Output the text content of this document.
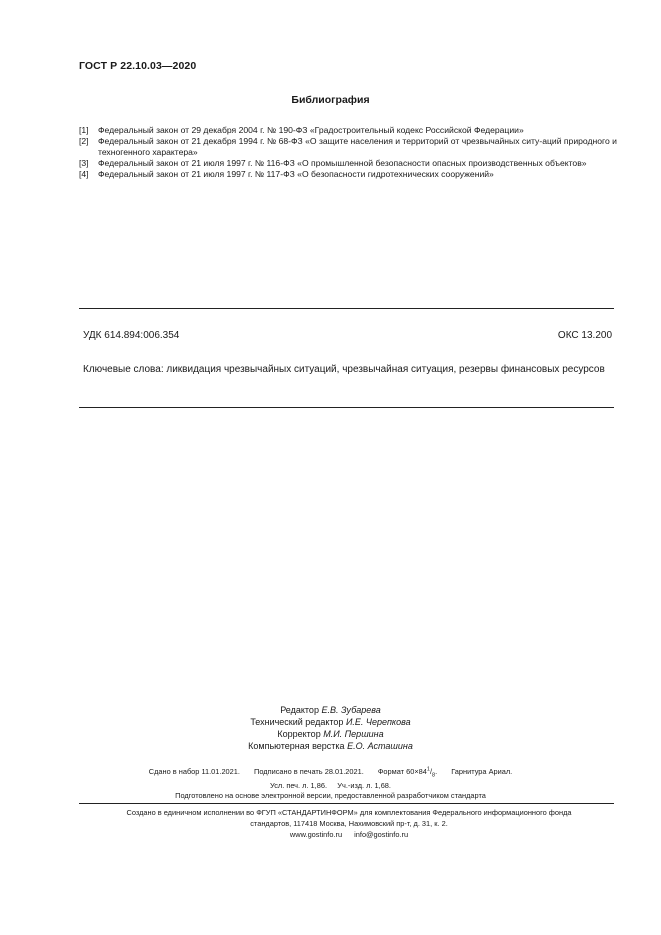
ГОСТ Р 22.10.03—2020
Библиография
[1] Федеральный закон от 29 декабря 2004 г. № 190-ФЗ «Градостроительный кодекс Российской Федерации»
[2] Федеральный закон от 21 декабря 1994 г. № 68-ФЗ «О защите населения и территорий от чрезвычайных ситу-аций природного и техногенного характера»
[3] Федеральный закон от 21 июля 1997 г. № 116-ФЗ «О промышленной безопасности опасных производственных объектов»
[4] Федеральный закон от 21 июля 1997 г. № 117-ФЗ «О безопасности гидротехнических сооружений»
УДК 614.894:006.354	ОКС 13.200
Ключевые слова: ликвидация чрезвычайных ситуаций, чрезвычайная ситуация, резервы финансовых ресурсов
Редактор Е.В. Зубарева
Технический редактор И.Е. Черепкова
Корректор М.И. Першина
Компьютерная верстка Е.О. Асташина
Сдано в набор 11.01.2021. Подписано в печать 28.01.2021. Формат $60\times 84^1/_8$. Гарнитура Ариал.
Усл. печ. л. 1,86. Уч.-изд. л. 1,68.
Подготовлено на основе электронной версии, предоставленной разработчиком стандарта
Создано в единичном исполнении во ФГУП «СТАНДАРТИНФОРМ» для комплектования Федерального информационного фонда
стандартов, 117418 Москва, Нахимовский пр-т, д. 31, к. 2.
www.gostinfo.ru info@gostinfo.ru
